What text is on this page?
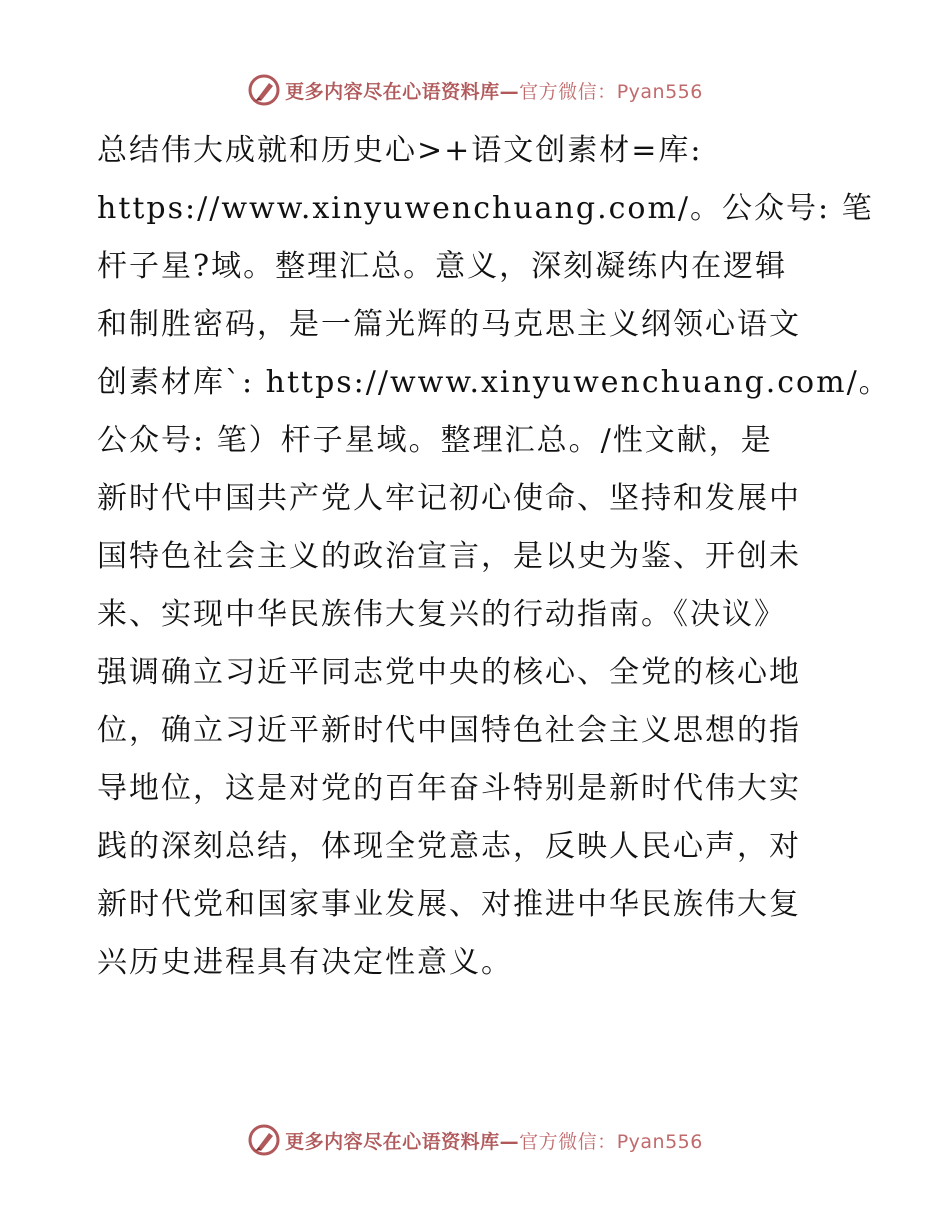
更多内容尽在心语资料库—官方微信：Pyan556
总结伟大成就和历史心>+语文创素材=库:
https://www.xinyuwenchuang.com/。公众号: 笔
杆子星?域。整理汇总。意义，深刻凝练内在逻辑
和制胜密码，是一篇光辉的马克思主义纲领心语文
创素材库`: https://www.xinyuwenchuang.com/。
公众号: 笔）杆子星域。整理汇总。/性文献，是
新时代中国共产党人牢记初心使命、坚持和发展中
国特色社会主义的政治宣言，是以史为鉴、开创未
来、实现中华民族伟大复兴的行动指南。《决议》
强调确立习近平同志党中央的核心、全党的核心地
位，确立习近平新时代中国特色社会主义思想的指
导地位，这是对党的百年奋斗特别是新时代伟大实
践的深刻总结，体现全党意志，反映人民心声，对
新时代党和国家事业发展、对推进中华民族伟大复
兴历史进程具有决定性意义。
更多内容尽在心语资料库—官方微信：Pyan556
